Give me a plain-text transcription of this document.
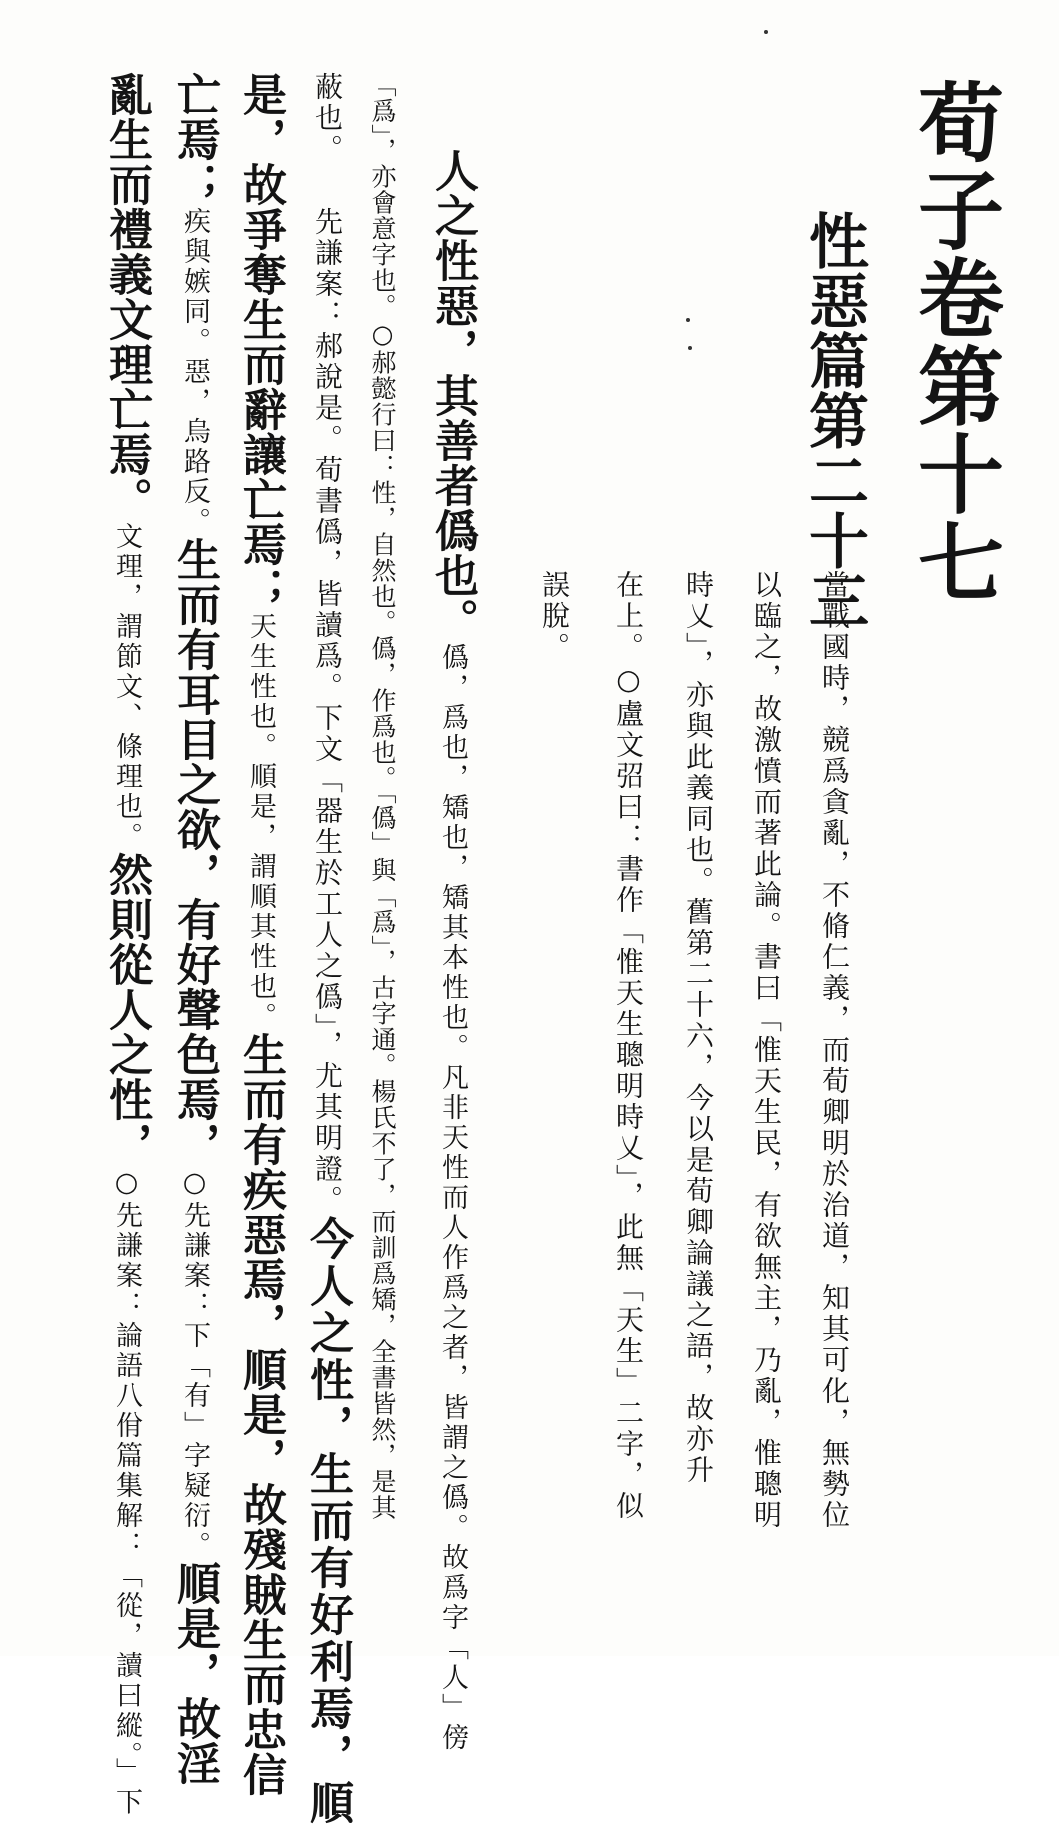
荀子卷第十七
性惡篇第二十三
當戰國時，競爲貪亂，不脩仁義，而荀卿明於治道，知其可化，無勢位
以臨之，故激憤而著此論。書曰「惟天生民，有欲無主，乃亂，惟聰明
時乂」，亦與此義同也。舊第二十六，今以是荀卿論議之語，故亦升
在上。○盧文弨曰：書作「惟天生聰明時乂」，此無「天生」二字，似
誤脫。
人之性惡，其善者僞也。僞，爲也，矯也，矯其本性也。凡非天性而人作爲之者，皆謂之僞。故爲字「人」傍
「爲」，亦會意字也。○郝懿行曰：性，自然也。僞，作爲也。「僞」與「爲」，古字通。楊氏不了，而訓爲矯，全書皆然，是其
蔽也。先謙案：郝說是。荀書僞，皆讀爲。下文「器生於工人之僞」，尤其明證。今人之性，生而有好利焉，順
是，故爭奪生而辭讓亡焉；天生性也。順是，謂順其性也。生而有疾惡焉，順是，故殘賊生而忠信
亡焉；疾與嫉同。惡，烏路反。生而有耳目之欲，有好聲色焉，○先謙案：下「有」字疑衍。順是，故淫
亂生而禮義文理亡焉。文理，謂節文、條理也。然則從人之性，○先謙案：論語八佾篇集解：「從，讀曰縱。」下
